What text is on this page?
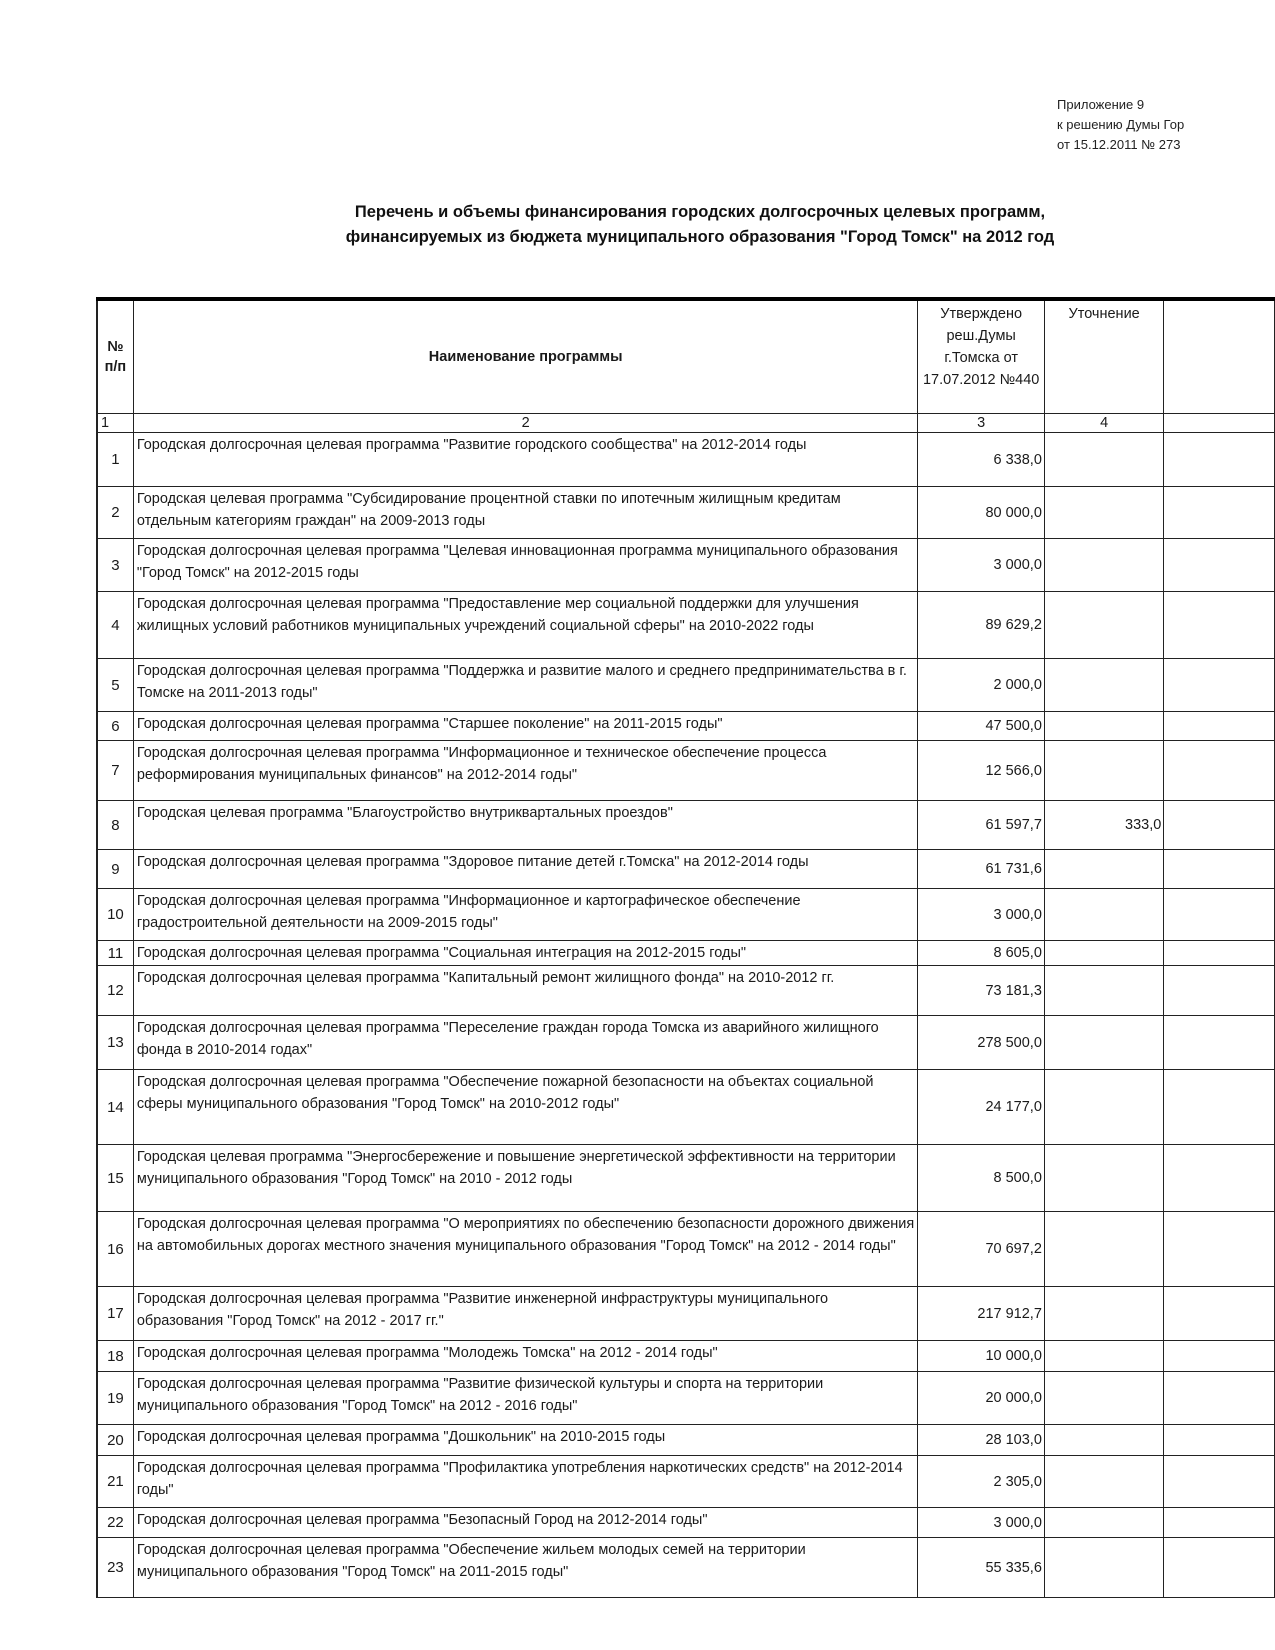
Приложение 9
к решению Думы Гор
от 15.12.2011 № 273
Перечень и объемы финансирования городских долгосрочных целевых программ,
финансируемых из бюджета муниципального образования "Город Томск" на 2012 год
№ п/п	Наименование программы	Утверждено реш.Думы г.Томска от 17.07.2012 №440	Уточнение	
1	2	3	4	
1	Городская долгосрочная целевая программа "Развитие городского сообщества" на 2012-2014 годы	6 338,0		
2	Городская целевая программа "Субсидирование процентной ставки по ипотечным жилищным кредитам отдельным категориям граждан" на 2009-2013 годы	80 000,0		
3	Городская долгосрочная целевая программа "Целевая инновационная программа муниципального образования "Город Томск" на 2012-2015 годы	3 000,0		
4	Городская долгосрочная целевая программа "Предоставление мер социальной поддержки для улучшения жилищных условий работников муниципальных учреждений социальной сферы" на 2010-2022 годы	89 629,2		
5	Городская долгосрочная целевая программа "Поддержка и развитие малого и среднего предпринимательства в г. Томске на 2011-2013 годы"	2 000,0		
6	Городская долгосрочная целевая программа "Старшее поколение" на 2011-2015 годы"	47 500,0		
7	Городская долгосрочная целевая программа "Информационное и техническое обеспечение процесса реформирования муниципальных финансов" на 2012-2014 годы"	12 566,0		
8	Городская целевая программа "Благоустройство внутриквартальных проездов"	61 597,7	333,0	
9	Городская долгосрочная целевая программа "Здоровое питание детей г.Томска" на 2012-2014 годы	61 731,6		
10	Городская долгосрочная целевая программа "Информационное и картографическое обеспечение градостроительной деятельности на 2009-2015 годы"	3 000,0		
11	Городская долгосрочная целевая программа "Социальная интеграция на 2012-2015 годы"	8 605,0		
12	Городская долгосрочная целевая программа "Капитальный ремонт жилищного фонда" на 2010-2012 гг.	73 181,3		
13	Городская долгосрочная целевая программа "Переселение граждан города Томска из аварийного жилищного фонда в 2010-2014 годах"	278 500,0		
14	Городская долгосрочная целевая программа "Обеспечение пожарной безопасности на объектах социальной сферы муниципального образования "Город Томск" на 2010-2012 годы"	24 177,0		
15	Городская целевая программа "Энергосбережение и повышение энергетической эффективности на территории муниципального образования "Город Томск" на 2010 - 2012 годы	8 500,0		
16	Городская долгосрочная целевая программа "О мероприятиях по обеспечению безопасности дорожного движения на автомобильных дорогах местного значения муниципального образования "Город Томск" на 2012 - 2014 годы"	70 697,2		
17	Городская долгосрочная целевая программа "Развитие инженерной инфраструктуры муниципального образования "Город Томск" на 2012 - 2017 гг."	217 912,7		
18	Городская долгосрочная целевая программа "Молодежь Томска" на 2012 - 2014 годы"	10 000,0		
19	Городская долгосрочная целевая программа "Развитие физической культуры и спорта на территории муниципального образования "Город Томск" на 2012 - 2016 годы"	20 000,0		
20	Городская долгосрочная целевая программа "Дошкольник" на 2010-2015 годы	28 103,0		
21	Городская долгосрочная целевая программа "Профилактика употребления наркотических средств" на 2012-2014 годы"	2 305,0		
22	Городская долгосрочная целевая программа "Безопасный Город на 2012-2014 годы"	3 000,0		
23	Городская долгосрочная целевая программа "Обеспечение жильем молодых семей на территории муниципального образования "Город Томск" на 2011-2015 годы"	55 335,6		
